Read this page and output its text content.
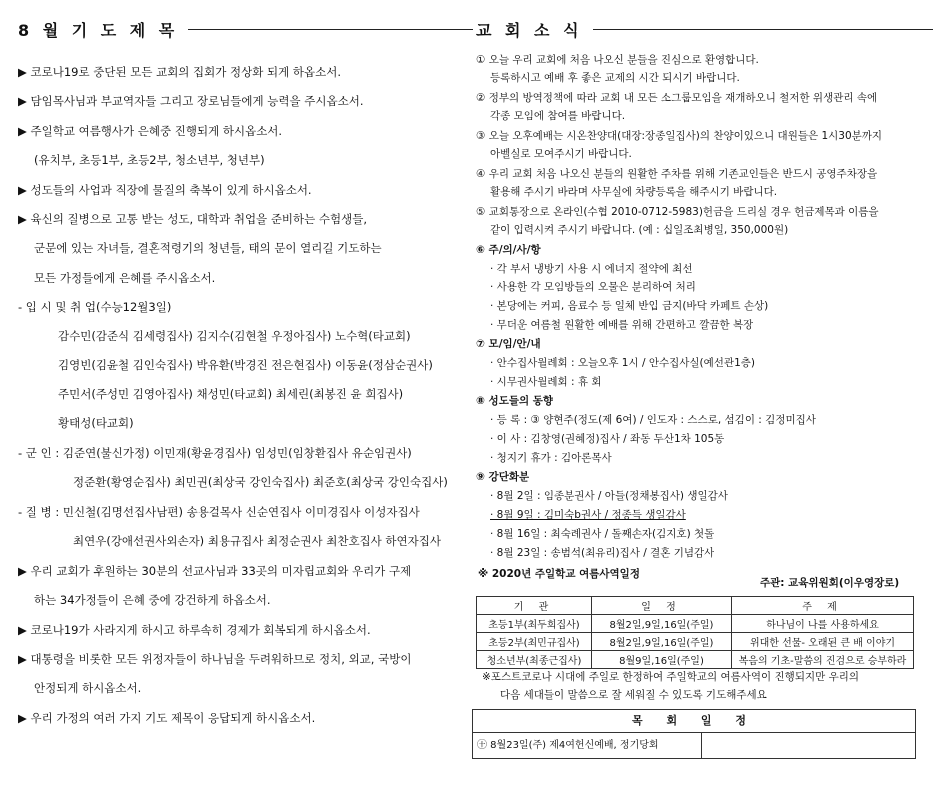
8 월 기 도 제 목
▶ 코로나19로 중단된 모든 교회의 집회가 정상화 되게 하옵소서.
▶ 담임목사님과 부교역자들 그리고 장로님들에게 능력을 주시옵소서.
▶ 주일학교 여름행사가 은혜중 진행되게 하시옵소서.
(유치부, 초등1부, 초등2부, 청소년부, 청년부)
▶ 성도들의 사업과 직장에 물질의 축복이 있게 하시옵소서.
▶ 육신의 질병으로 고통 받는 성도, 대학과 취업을 준비하는 수험생들,
군문에 있는 자녀들, 결혼적령기의 청년들, 태의 문이 열리길 기도하는
모든 가정들에게 은혜를 주시옵소서.
- 입 시 및 취 업(수능12월3일)
감수민(감준식 김세령집사) 김지수(김현철 우정아집사) 노수혁(타교회)
김영빈(김윤철 김인숙집사) 박유환(박경진 전은현집사) 이동윤(정삼순권사)
주민서(주성민 김영아집사) 채성민(타교회) 최세린(최봉진 윤 희집사)
황태성(타교회)
- 군 인 : 김준연(불신가정) 이민재(황윤경집사) 임성민(임창환집사 유순임권사)
정준환(황영순집사) 최민권(최상국 강인숙집사) 최준호(최상국 강인숙집사)
- 질 병 : 민신철(김명선집사남편) 송용걸목사 신순연집사 이미경집사 이성자집사
최연우(강애선권사외손자) 최용규집사 최정순권사 최찬호집사 하연자집사
▶ 우리 교회가 후원하는 30분의 선교사님과 33곳의 미자립교회와 우리가 구제
하는 34가정들이 은혜 중에 강건하게 하옵소서.
▶ 코로나19가 사라지게 하시고 하루속히 경제가 회복되게 하시옵소서.
▶ 대통령을 비롯한 모든 위정자들이 하나님을 두려워하므로 정치, 외교, 국방이
안정되게 하시옵소서.
▶ 우리 가정의 여러 가지 기도 제목이 응답되게 하시옵소서.
교 회 소 식
① 오늘 우리 교회에 처음 나오신 분들을 진심으로 환영합니다.
등록하시고 예배 후 좋은 교제의 시간 되시기 바랍니다.
② 정부의 방역정책에 따라 교회 내 모든 소그룹모임을 재개하오니 철저한 위생관리 속에
각종 모임에 참여를 바랍니다.
③ 오늘 오후예배는 시온찬양대(대장:장종일집사)의 찬양이있으니 대원들은 1시30분까지
아벨실로 모여주시기 바랍니다.
④ 우리 교회 처음 나오신 분들의 원활한 주차를 위해 기존교인들은 반드시 공영주차장을
활용해 주시기 바라며 사무실에 차량등록을 해주시기 바랍니다.
⑤ 교회통장으로 온라인(수협 2010-0712-5983)헌금을 드리실 경우 헌금제목과 이름을
같이 입력시켜 주시기 바랍니다. (예 : 십일조최병일, 350,000원)
⑥ 주/의/사/항
· 각 부서 냉방기 사용 시 에너지 절약에 최선
· 사용한 각 모임방들의 오물은 분리하여 처리
· 본당에는 커피, 음료수 등 일체 반입 금지(바닥 카페트 손상)
· 무더운 여름철 원활한 예배를 위해 간편하고 깔끔한 복장
⑦ 모/임/안/내
· 안수집사월례회 : 오늘오후 1시 / 안수집사실(예선관1층)
· 시무권사월례회 : 휴 회
⑧ 성도들의 동향
· 등 록 : ③ 양현주(정도(제 6여) / 인도자 : 스스로, 섬김이 : 김정미집사
· 이 사 : 김창영(권혜정)집사 / 좌동 두산1차 105동
· 청지기 휴가 : 김아론목사
⑨ 강단화분
· 8월 2일 : 임종분권사 / 아들(정채봉집사) 생일감사
· 8월 9일 : 김미숙b권사 / 정종득 생일감사
· 8월 16일 : 최숙례권사 / 돌째손자(김지호) 첫돌
· 8월 23일 : 송범석(최유리)집사 / 결혼 기념감사
※ 2020년 주일학교 여름사역일정
주관: 교육위원회(이우영장로)
기 관	일 정	주 제
초등1부(최두희집사)	8월2일,9일,16일(주일)	하나님이 나를 사용하세요
초등2부(최민규집사)	8월2일,9일,16일(주일)	위대한 선물- 오래된 큰 배 이야기
청소년부(최종근집사)	8월9일,16일(주일)	복음의 기초-말씀의 진검으로 승부하라
※포스트코로나 시대에 주일로 한정하여 주일학교의 여름사역이 진행되지만 우리의
다음 세대들이 말씀으로 잘 세워질 수 있도록 기도해주세요
목 회 일 정
㊉ 8월23일(주) 제4여헌신예배, 정기당회
